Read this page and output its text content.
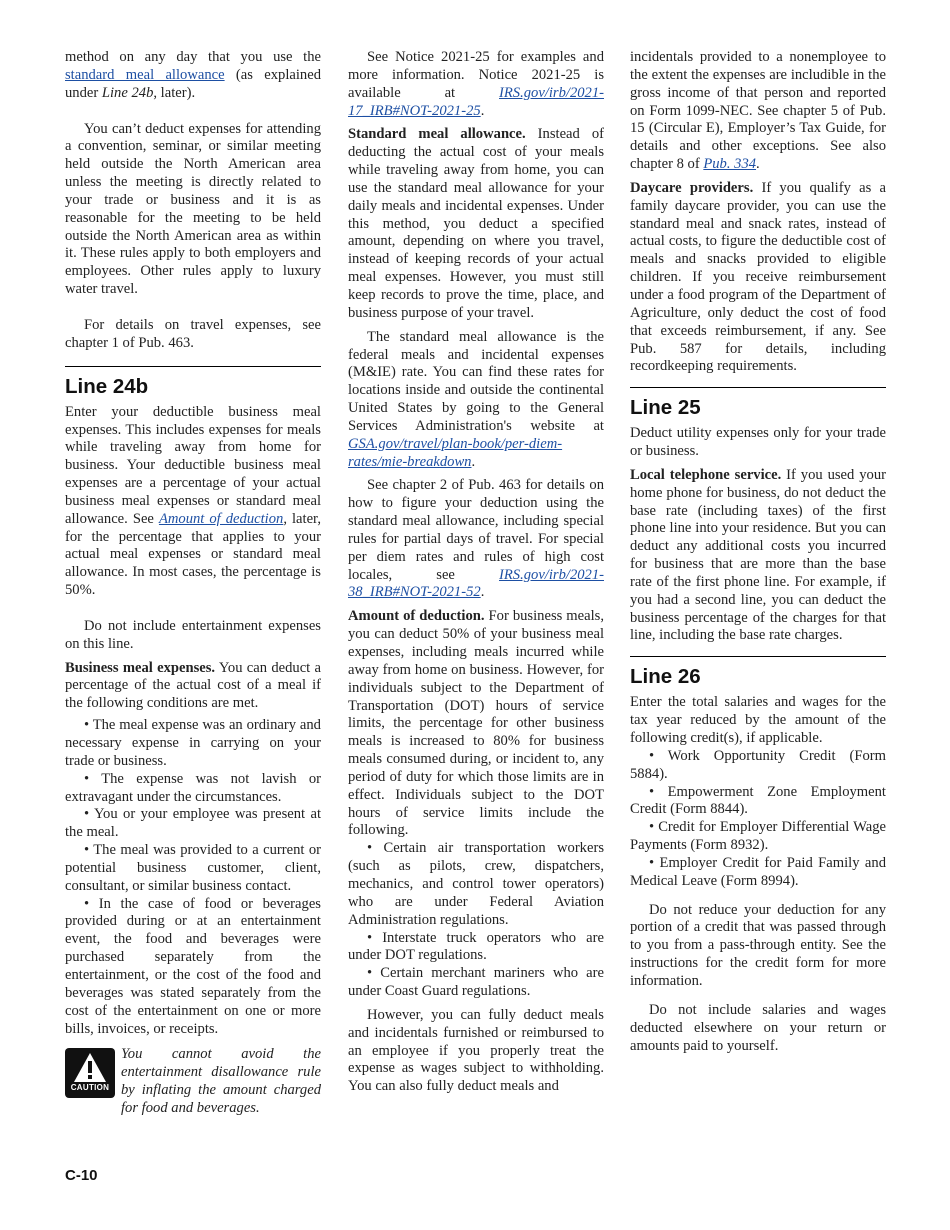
method on any day that you use the standard meal allowance (as explained under Line 24b, later).

You can’t deduct expenses for attending a convention, seminar, or similar meeting held outside the North American area unless the meeting is directly related to your trade or business and it is as reasonable for the meeting to be held outside the North American area as within it. These rules apply to both employers and employees. Other rules apply to luxury water travel.

For details on travel expenses, see chapter 1 of Pub. 463.

Line 24b

Enter your deductible business meal expenses. This includes expenses for meals while traveling away from home for business. Your deductible business meal expenses are a percentage of your actual business meal expenses or standard meal allowance. See Amount of deduction, later, for the percentage that applies to your actual meal expenses or standard meal allowance. In most cases, the percentage is 50%.

Do not include entertainment expenses on this line.

Business meal expenses. You can deduct a percentage of the actual cost of a meal if the following conditions are met.

• The meal expense was an ordinary and necessary expense in carrying on your trade or business.

• The expense was not lavish or extravagant under the circumstances.

• You or your employee was present at the meal.

• The meal was provided to a current or potential business customer, client, consultant, or similar business contact.

• In the case of food or beverages provided during or at an entertainment event, the food and beverages were purchased separately from the entertainment, or the cost of the food and beverages was stated separately from the cost of the entertainment on one or more bills, invoices, or receipts.

CAUTION
You cannot avoid the entertainment disallowance rule by inflating the amount charged for food and beverages.

See Notice 2021-25 for examples and more information. Notice 2021-25 is available at IRS.gov/irb/2021-17_IRB#NOT-2021-25.

Standard meal allowance. Instead of deducting the actual cost of your meals while traveling away from home, you can use the standard meal allowance for your daily meals and incidental expenses. Under this method, you deduct a specified amount, depending on where you travel, instead of keeping records of your actual meal expenses. However, you must still keep records to prove the time, place, and business purpose of your travel.

The standard meal allowance is the federal meals and incidental expenses (M&IE) rate. You can find these rates for locations inside and outside the continental United States by going to the General Services Administration's website at GSA.gov/travel/plan-book/per-diem-rates/mie-breakdown.

See chapter 2 of Pub. 463 for details on how to figure your deduction using the standard meal allowance, including special rules for partial days of travel. For special per diem rates and rules of high cost locales, see IRS.gov/irb/2021-38_IRB#NOT-2021-52.

Amount of deduction. For business meals, you can deduct 50% of your business meal expenses, including meals incurred while away from home on business. However, for individuals subject to the Department of Transportation (DOT) hours of service limits, the percentage for other business meals is increased to 80% for business meals consumed during, or incident to, any period of duty for which those limits are in effect. Individuals subject to the DOT hours of service limits include the following.

• Certain air transportation workers (such as pilots, crew, dispatchers, mechanics, and control tower operators) who are under Federal Aviation Administration regulations.

• Interstate truck operators who are under DOT regulations.

• Certain merchant mariners who are under Coast Guard regulations.

However, you can fully deduct meals and incidentals furnished or reimbursed to an employee if you properly treat the expense as wages subject to withholding. You can also fully deduct meals and

incidentals provided to a nonemployee to the extent the expenses are includible in the gross income of that person and reported on Form 1099-NEC. See chapter 5 of Pub. 15 (Circular E), Employer’s Tax Guide, for details and other exceptions. See also chapter 8 of Pub. 334.

Daycare providers. If you qualify as a family daycare provider, you can use the standard meal and snack rates, instead of actual costs, to figure the deductible cost of meals and snacks provided to eligible children. If you receive reimbursement under a food program of the Department of Agriculture, only deduct the cost of food that exceeds reimbursement, if any. See Pub. 587 for details, including recordkeeping requirements.

Line 25

Deduct utility expenses only for your trade or business.

Local telephone service. If you used your home phone for business, do not deduct the base rate (including taxes) of the first phone line into your residence. But you can deduct any additional costs you incurred for business that are more than the base rate of the first phone line. For example, if you had a second line, you can deduct the business percentage of the charges for that line, including the base rate charges.

Line 26

Enter the total salaries and wages for the tax year reduced by the amount of the following credit(s), if applicable.

• Work Opportunity Credit (Form 5884).

• Empowerment Zone Employment Credit (Form 8844).

• Credit for Employer Differential Wage Payments (Form 8932).

• Employer Credit for Paid Family and Medical Leave (Form 8994).

Do not reduce your deduction for any portion of a credit that was passed through to you from a pass-through entity. See the instructions for the credit form for more information.

Do not include salaries and wages deducted elsewhere on your return or amounts paid to yourself.

C-10
